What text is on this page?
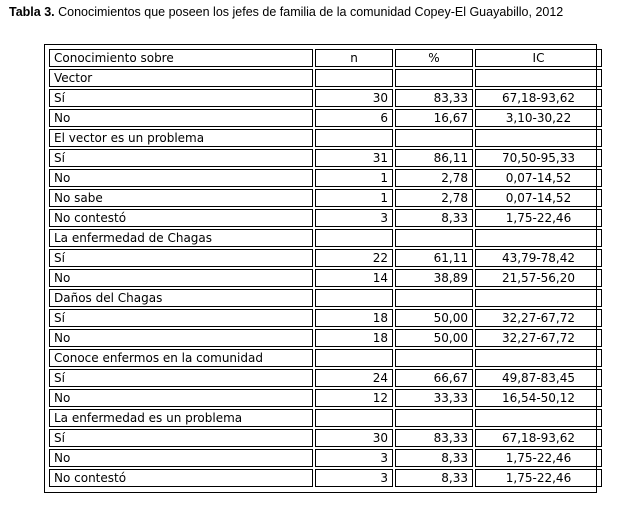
Tabla 3. Conocimientos que poseen los jefes de familia de la comunidad Copey-El Guayabillo, 2012
Conocimiento sobre	n	%	IC
Vector			
Sí	30	83,33	67,18-93,62
No	6	16,67	3,10-30,22
El vector es un problema			
Sí	31	86,11	70,50-95,33
No	1	2,78	0,07-14,52
No sabe	1	2,78	0,07-14,52
No contestó	3	8,33	1,75-22,46
La enfermedad de Chagas			
Sí	22	61,11	43,79-78,42
No	14	38,89	21,57-56,20
Daños del Chagas			
Sí	18	50,00	32,27-67,72
No	18	50,00	32,27-67,72
Conoce enfermos en la comunidad			
Sí	24	66,67	49,87-83,45
No	12	33,33	16,54-50,12
La enfermedad es un problema			
Sí	30	83,33	67,18-93,62
No	3	8,33	1,75-22,46
No contestó	3	8,33	1,75-22,46
